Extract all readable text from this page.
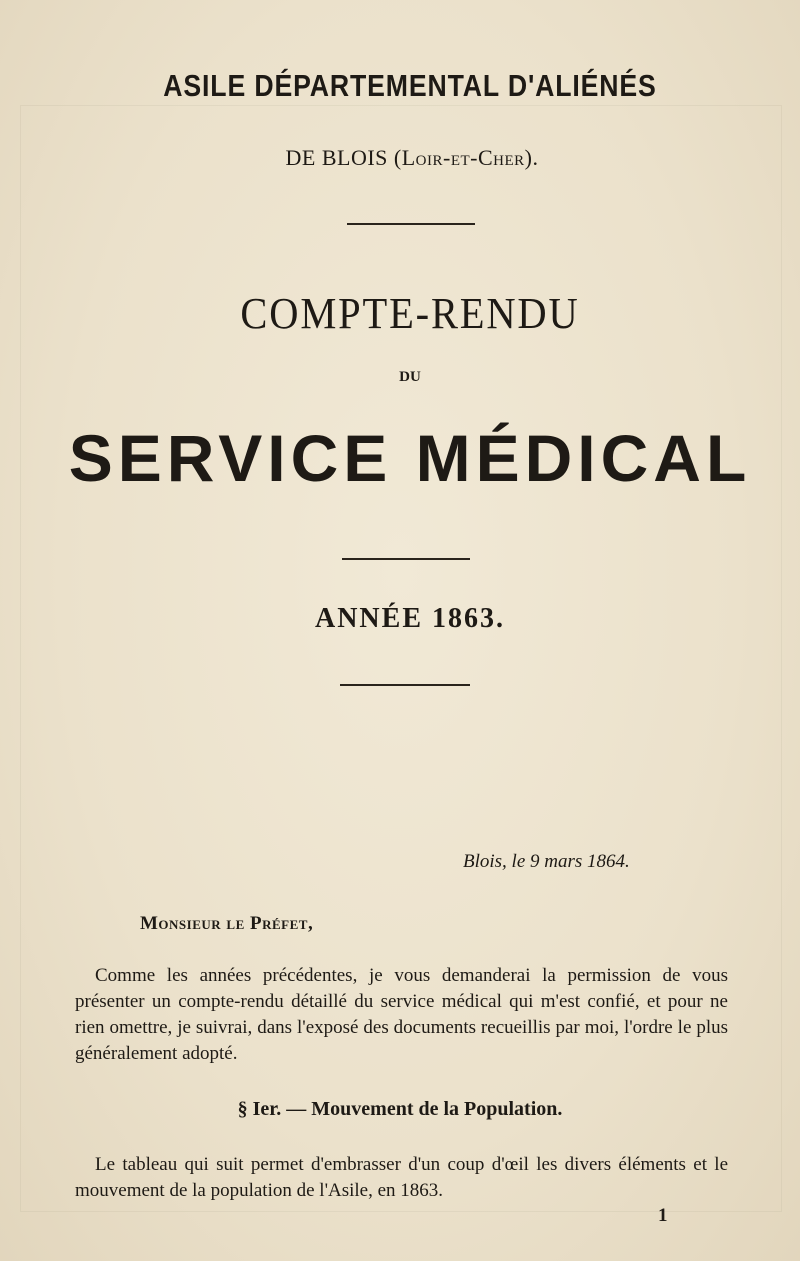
ASILE DÉPARTEMENTAL D'ALIÉNÉS
DE BLOIS (Loir-et-Cher).
COMPTE-RENDU
DU
SERVICE MÉDICAL
ANNÉE 1863.
Blois, le 9 mars 1864.
Monsieur le Préfet,
Comme les années précédentes, je vous demanderai la permission de vous présenter un compte-rendu détaillé du service médical qui m'est confié, et pour ne rien omettre, je suivrai, dans l'exposé des documents recueillis par moi, l'ordre le plus généralement adopté.
§ Ier. — Mouvement de la Population.
Le tableau qui suit permet d'embrasser d'un coup d'œil les divers éléments et le mouvement de la population de l'Asile, en 1863.
1
